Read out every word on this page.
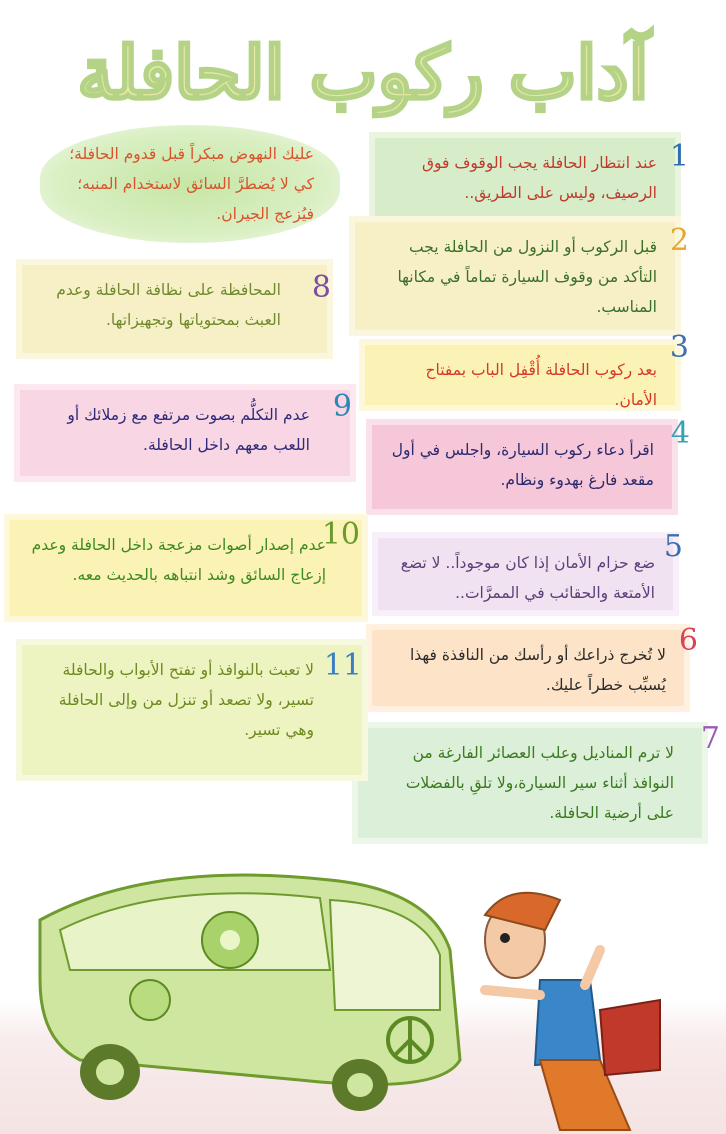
آداب ركوب الحافلة
عليك النهوض مبكراً قبل قدوم الحافلة؛ كي لا يُضطرَّ السائق لاستخدام المنبه؛ فيُزعج الجيران.
1
عند انتظار الحافلة يجب الوقوف فوق الرصيف، وليس على الطريق..
2
قبل الركوب أو النزول من الحافلة يجب التأكد من وقوف السيارة تماماً في مكانها المناسب.
3
بعد ركوب الحافلة أُقْفِل الباب بمفتاح الأمان.
4
اقرأ دعاء ركوب السيارة، واجلس في أول مقعد فارغ بهدوء ونظام.
5
ضع حزام الأمان إذا كان موجوداً.. لا تضع الأمتعة والحقائب في الممرَّات..
6
لا تُخرج ذراعك أو رأسك من النافذة فهذا يُسبِّب خطراً عليك.
7
لا ترم المناديل وعلب العصائر الفارغة من النوافذ أثناء سير السيارة،ولا تلقِ بالفضلات على أرضية الحافلة.
8
المحافظة على نظافة الحافلة وعدم العبث بمحتوياتها وتجهيزاتها.
9
عدم التكلُّم بصوت مرتفع مع زملائك أو اللعب معهم داخل الحافلة.
10
عدم إصدار أصوات مزعجة داخل الحافلة وعدم إزعاج السائق وشد انتباهه بالحديث معه.
11
لا تعبث بالنوافذ أو تفتح الأبواب والحافلة تسير، ولا تصعد أو تنزل من وإلى الحافلة وهي تسير.
